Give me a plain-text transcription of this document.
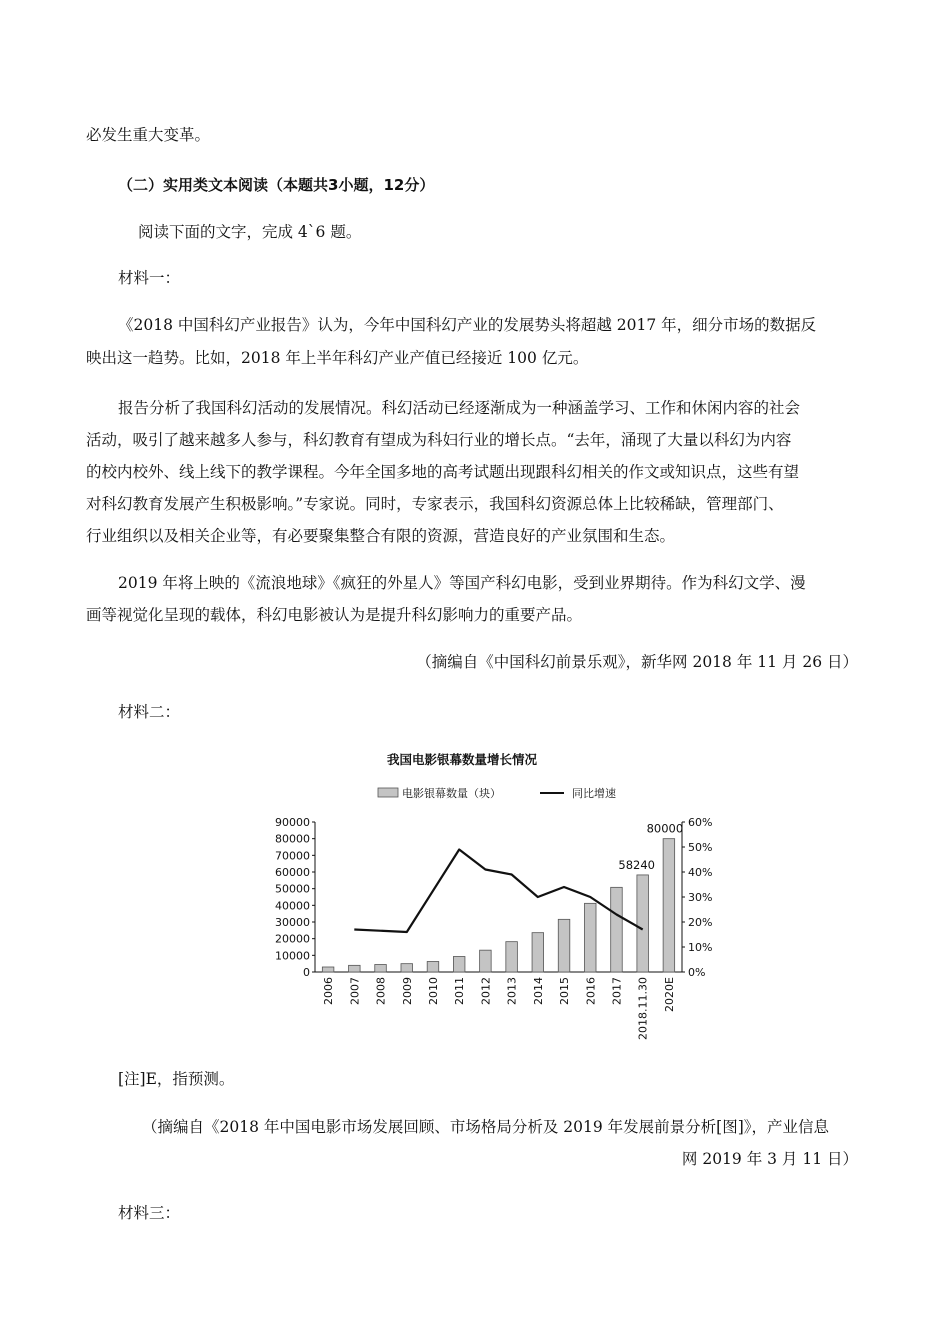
必发生重大变革。
（二）实用类文本阅读（本题共3小题，12分）
阅读下面的文字，完成 4`6 题。
材料一：
《2018 中国科幻产业报告》认为，今年中国科幻产业的发展势头将超越 2017 年，细分市场的数据反
映出这一趋势。比如，2018 年上半年科幻产业产值已经接近 100 亿元。
报告分析了我国科幻活动的发展情况。科幻活动已经逐渐成为一种涵盖学习、工作和休闲内容的社会
活动，吸引了越来越多人参与，科幻教育有望成为科妇行业的增长点。“去年，涌现了大量以科幻为内容
的校内校外、线上线下的教学课程。今年全国多地的高考试题出现跟科幻相关的作文或知识点，这些有望
对科幻教育发展产生积极影响。”专家说。同时，专家表示，我国科幻资源总体上比较稀缺，管理部门、
行业组织以及相关企业等，有必要聚集整合有限的资源，营造良好的产业氛围和生态。
2019 年将上映的《流浪地球》《疯狂的外星人》等国产科幻电影，受到业界期待。作为科幻文学、漫
画等视觉化呈现的载体，科幻电影被认为是提升科幻影响力的重要产品。
（摘编自《中国科幻前景乐观》，新华网 2018 年 11 月 26 日）
材料二：
我国电影银幕数量增长情况
电影银幕数量（块）	同比增速
0
10000
20000
30000
40000
50000
60000
70000
80000
90000
0%
10%
20%
30%
40%
50%
60%
2006 2007 2008 2009 2010 2011 2012 2013 2014 2015 2016 2017 2018.11.30 2020E
58240
80000
[注]E，指预测。
（摘编自《2018 年中国电影市场发展回顾、市场格局分析及 2019 年发展前景分析[图]》，产业信息
网 2019 年 3 月 11 日）
材料三：
